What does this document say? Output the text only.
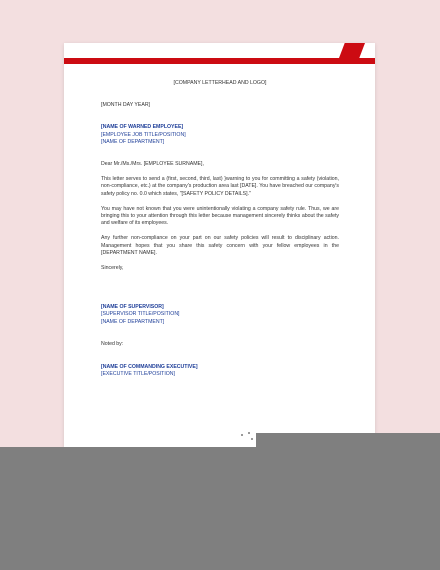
[COMPANY LETTERHEAD AND LOGO]
[MONTH DAY YEAR]
[NAME OF WARNED EMPLOYEE]
[EMPLOYEE JOB TITLE/POSITION]
[NAME OF DEPARTMENT]
Dear Mr./Ms./Mrs. [EMPLOYEE SURNAME],

This letter serves to send a (first, second, third, last) }warning to you for committing a safety (violation, non-compliance, etc.) at the company's production area last [DATE]. You have breached our company's safety policy no. 0.0 which states, "[SAFETY POLICY DETAILS]."

You may have not known that you were unintentionally violating a company safety rule. Thus, we are bringing this to your attention through this letter because management sincerely thinks about the safety and welfare of its employees.

Any further non-compliance on your part on our safety policies will result to disciplinary action. Management hopes that you share this safety concern with your fellow employees in the [DEPARTMENT NAME].

Sincerely,
[NAME OF SUPERVISOR]
[SUPERVISOR TITLE/POSITION]
[NAME OF DEPARTMENT]
Noted by:
[NAME OF COMMANDING EXECUTIVE]
[EXECUTIVE TITLE/POSITION]
